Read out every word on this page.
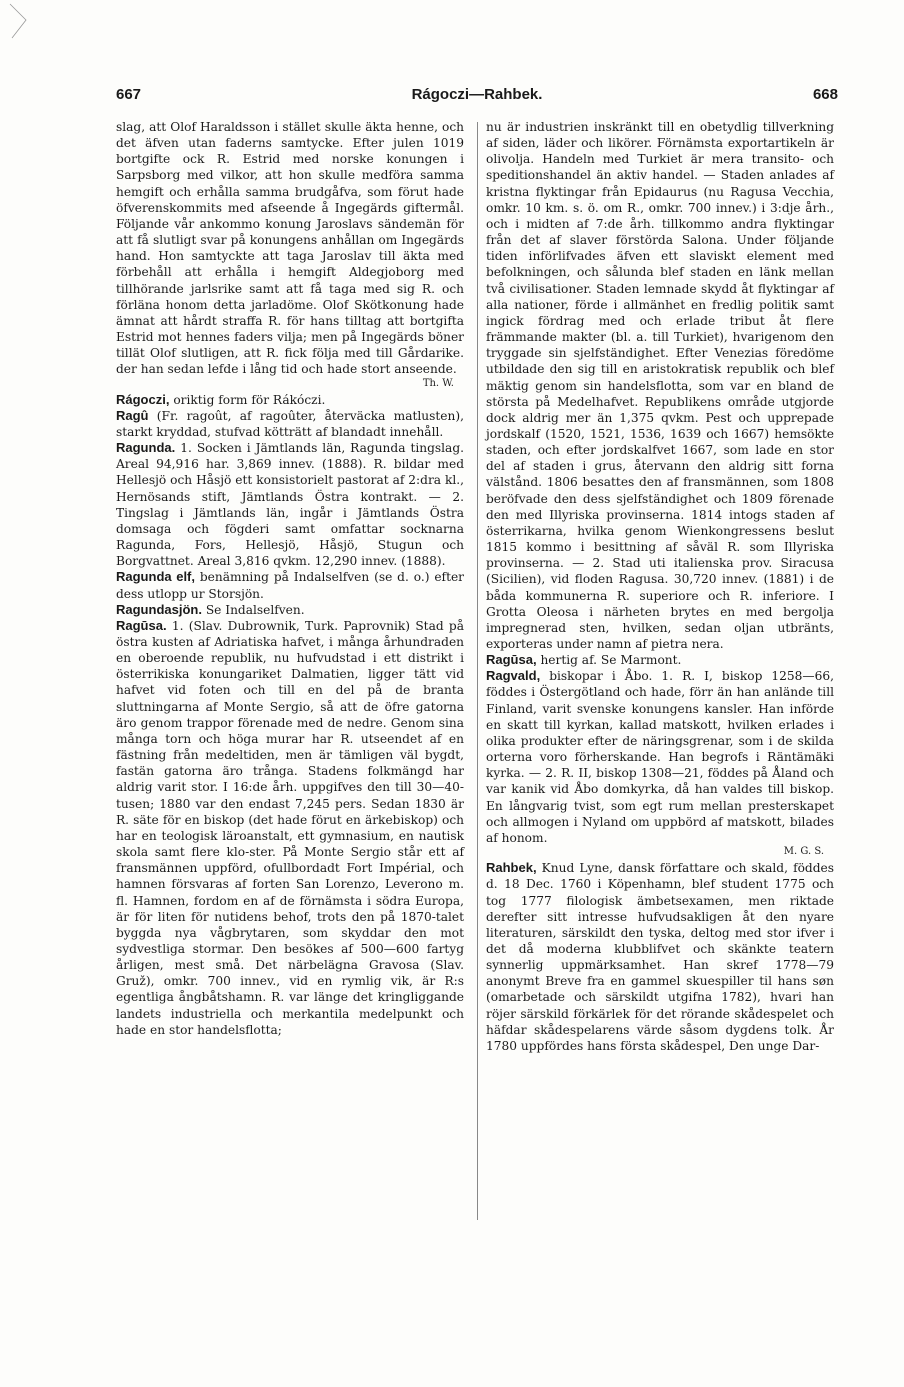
667	Rágoczi—Rahbek.	668

slag, att Olof Haraldsson i stället skulle äkta henne, och det äfven utan faderns samtycke. Efter julen 1019 bortgifte ock R. Estrid med norske konungen i Sarpsborg med vilkor, att hon skulle medföra samma hemgift och erhålla samma brudgåfva, som förut hade öfverenskommits med afseende å Ingegärds giftermål. Följande vår ankommo konung Jaroslavs sändemän för att få slutligt svar på konungens anhållan om Ingegärds hand. Hon samtyckte att taga Jaroslav till äkta med förbehåll att erhålla i hemgift Aldegjoborg med tillhörande jarlsrike samt att få taga med sig R. och förläna honom detta jarladöme. Olof Skötkonung hade ämnat att hårdt straffa R. för hans tilltag att bortgifta Estrid mot hennes faders vilja; men på Ingegärds böner tillät Olof slutligen, att R. fick följa med till Gårdarike. der han sedan lefde i lång tid och hade stort anseende.
Th. W.

Rágoczi, oriktig form för Rákóczi.

Ragû (Fr. ragoût, af ragoûter, återväcka matlusten), starkt kryddad, stufvad kötträtt af blandadt innehåll.

Ragunda. 1. Socken i Jämtlands län, Ragunda tingslag. Areal 94,916 har. 3,869 innev. (1888). R. bildar med Hellesjö och Håsjö ett konsistorielt pastorat af 2:dra kl., Hernösands stift, Jämtlands Östra kontrakt. — 2. Tingslag i Jämtlands län, ingår i Jämtlands Östra domsaga och fögderi samt omfattar socknarna Ragunda, Fors, Hellesjö, Håsjö, Stugun och Borgvattnet. Areal 3,816 qvkm. 12,290 innev. (1888).

Ragunda elf, benämning på Indalselfven (se d. o.) efter dess utlopp ur Storsjön.

Ragundasjön. Se Indalselfven.

Ragūsa. 1. (Slav. Dubrownik, Turk. Paprovnik) Stad på östra kusten af Adriatiska hafvet, i många århundraden en oberoende republik, nu hufvudstad i ett distrikt i österrikiska konungariket Dalmatien, ligger tätt vid hafvet vid foten och till en del på de branta sluttningarna af Monte Sergio, så att de öfre gatorna äro genom trappor förenade med de nedre. Genom sina många torn och höga murar har R. utseendet af en fästning från medeltiden, men är tämligen väl bygdt, fastän gatorna äro trånga. Stadens folkmängd har aldrig varit stor. I 16:de årh. uppgifves den till 30—40-tusen; 1880 var den endast 7,245 pers. Sedan 1830 är R. säte för en biskop (det hade förut en ärkebiskop) och har en teologisk läroanstalt, ett gymnasium, en nautisk skola samt flere klo-ster. På Monte Sergio står ett af fransmännen uppförd, ofullbordadt Fort Impérial, och hamnen försvaras af forten San Lorenzo, Leverono m. fl. Hamnen, fordom en af de förnämsta i södra Europa, är för liten för nutidens behof, trots den på 1870-talet byggda nya vågbrytaren, som skyddar den mot sydvestliga stormar. Den besökes af 500—600 fartyg årligen, mest små. Det närbelägna Gravosa (Slav. Gruž), omkr. 700 innev., vid en rymlig vik, är R:s egentliga ångbåtshamn. R. var länge det kringliggande landets industriella och merkantila medelpunkt och hade en stor handelsflotta;

nu är industrien inskränkt till en obetydlig tillverkning af siden, läder och likörer. Förnämsta exportartikeln är olivolja. Handeln med Turkiet är mera transito- och speditionshandel än aktiv handel. — Staden anlades af kristna flyktingar från Epidaurus (nu Ragusa Vecchia, omkr. 10 km. s. ö. om R., omkr. 700 innev.) i 3:dje årh., och i midten af 7:de årh. tillkommo andra flyktingar från det af slaver förstörda Salona. Under följande tiden införlifvades äfven ett slaviskt element med befolkningen, och sålunda blef staden en länk mellan två civilisationer. Staden lemnade skydd åt flyktingar af alla nationer, förde i allmänhet en fredlig politik samt ingick fördrag med och erlade tribut åt flere främmande makter (bl. a. till Turkiet), hvarigenom den tryggade sin sjelfständighet. Efter Venezias föredöme utbildade den sig till en aristokratisk republik och blef mäktig genom sin handelsflotta, som var en bland de största på Medelhafvet. Republikens område utgjorde dock aldrig mer än 1,375 qvkm. Pest och upprepade jordskalf (1520, 1521, 1536, 1639 och 1667) hemsökte staden, och efter jordskalfvet 1667, som lade en stor del af staden i grus, återvann den aldrig sitt forna välstånd. 1806 besattes den af fransmännen, som 1808 beröfvade den dess sjelfständighet och 1809 förenade den med Illyriska provinserna. 1814 intogs staden af österrikarna, hvilka genom Wienkongressens beslut 1815 kommo i besittning af såväl R. som Illyriska provinserna. — 2. Stad uti italienska prov. Siracusa (Sicilien), vid floden Ragusa. 30,720 innev. (1881) i de båda kommunerna R. superiore och R. inferiore. I Grotta Oleosa i närheten brytes en med bergolja impregnerad sten, hvilken, sedan oljan utbränts, exporteras under namn af pietra nera.

Ragūsa, hertig af. Se Marmont.

Ragvald, biskopar i Åbo. 1. R. I, biskop 1258—66, föddes i Östergötland och hade, förr än han anlände till Finland, varit svenske konungens kansler. Han införde en skatt till kyrkan, kallad matskott, hvilken erlades i olika produkter efter de näringsgrenar, som i de skilda orterna voro förherskande. Han begrofs i Räntämäki kyrka. — 2. R. II, biskop 1308—21, föddes på Åland och var kanik vid Åbo domkyrka, då han valdes till biskop. En långvarig tvist, som egt rum mellan presterskapet och allmogen i Nyland om uppbörd af matskott, bilades af honom.
M. G. S.

Rahbek, Knud Lyne, dansk författare och skald, föddes d. 18 Dec. 1760 i Köpenhamn, blef student 1775 och tog 1777 filologisk ämbetsexamen, men riktade derefter sitt intresse hufvudsakligen åt den nyare literaturen, särskildt den tyska, deltog med stor ifver i det då moderna klubblifvet och skänkte teatern synnerlig uppmärksamhet. Han skref 1778—79 anonymt Breve fra en gammel skuespiller til hans søn (omarbetade och särskildt utgifna 1782), hvari han röjer särskild förkärlek för det rörande skådespelet och häfdar skådespelarens värde såsom dygdens tolk. År 1780 uppfördes hans första skådespel, Den unge Dar-
